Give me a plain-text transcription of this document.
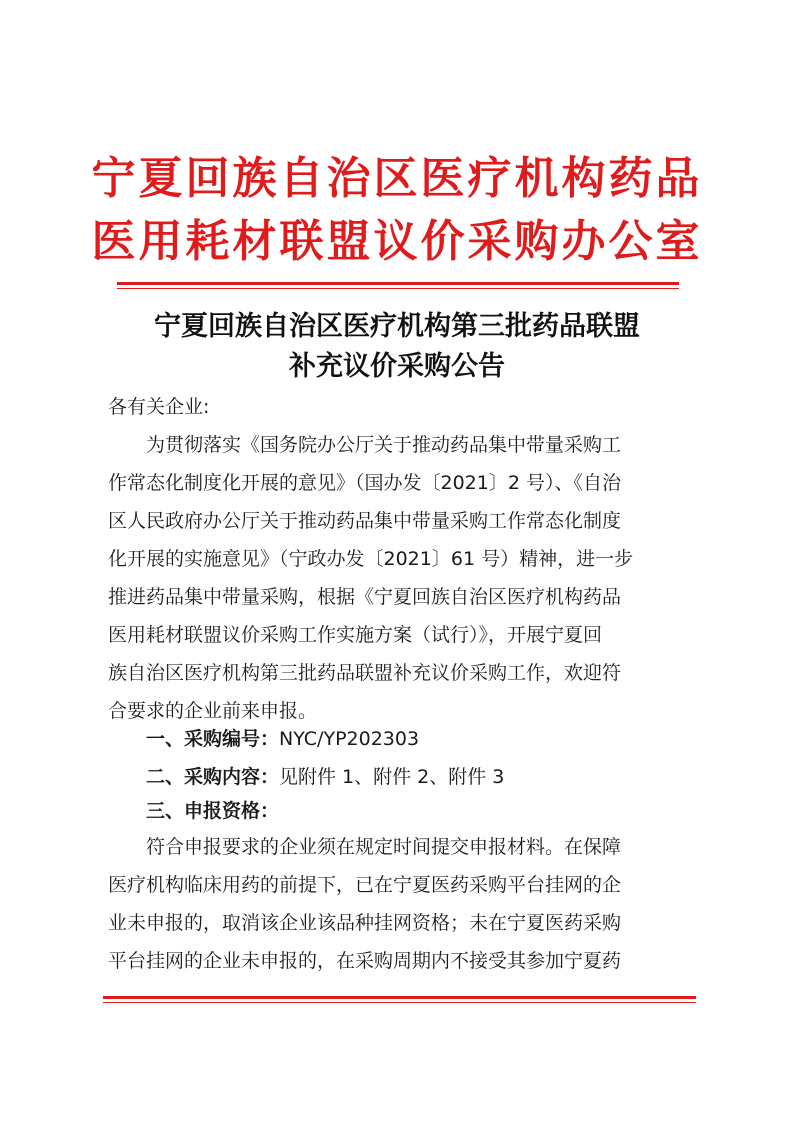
宁夏回族自治区医疗机构药品
医用耗材联盟议价采购办公室
宁夏回族自治区医疗机构第三批药品联盟
补充议价采购公告
各有关企业:
　　为贯彻落实《国务院办公厅关于推动药品集中带量采购工
作常态化制度化开展的意见》（国办发〔2021〕2 号）、《自治
区人民政府办公厅关于推动药品集中带量采购工作常态化制度
化开展的实施意见》（宁政办发〔2021〕61 号）精神，进一步
推进药品集中带量采购，根据《宁夏回族自治区医疗机构药品
医用耗材联盟议价采购工作实施方案（试行）》，开展宁夏回
族自治区医疗机构第三批药品联盟补充议价采购工作，欢迎符
合要求的企业前来申报。
一、采购编号：NYC/YP202303
二、采购内容：见附件 1、附件 2、附件 3
三、申报资格：
　　符合申报要求的企业须在规定时间提交申报材料。在保障
医疗机构临床用药的前提下，已在宁夏医药采购平台挂网的企
业未申报的，取消该企业该品种挂网资格；未在宁夏医药采购
平台挂网的企业未申报的，在采购周期内不接受其参加宁夏药
